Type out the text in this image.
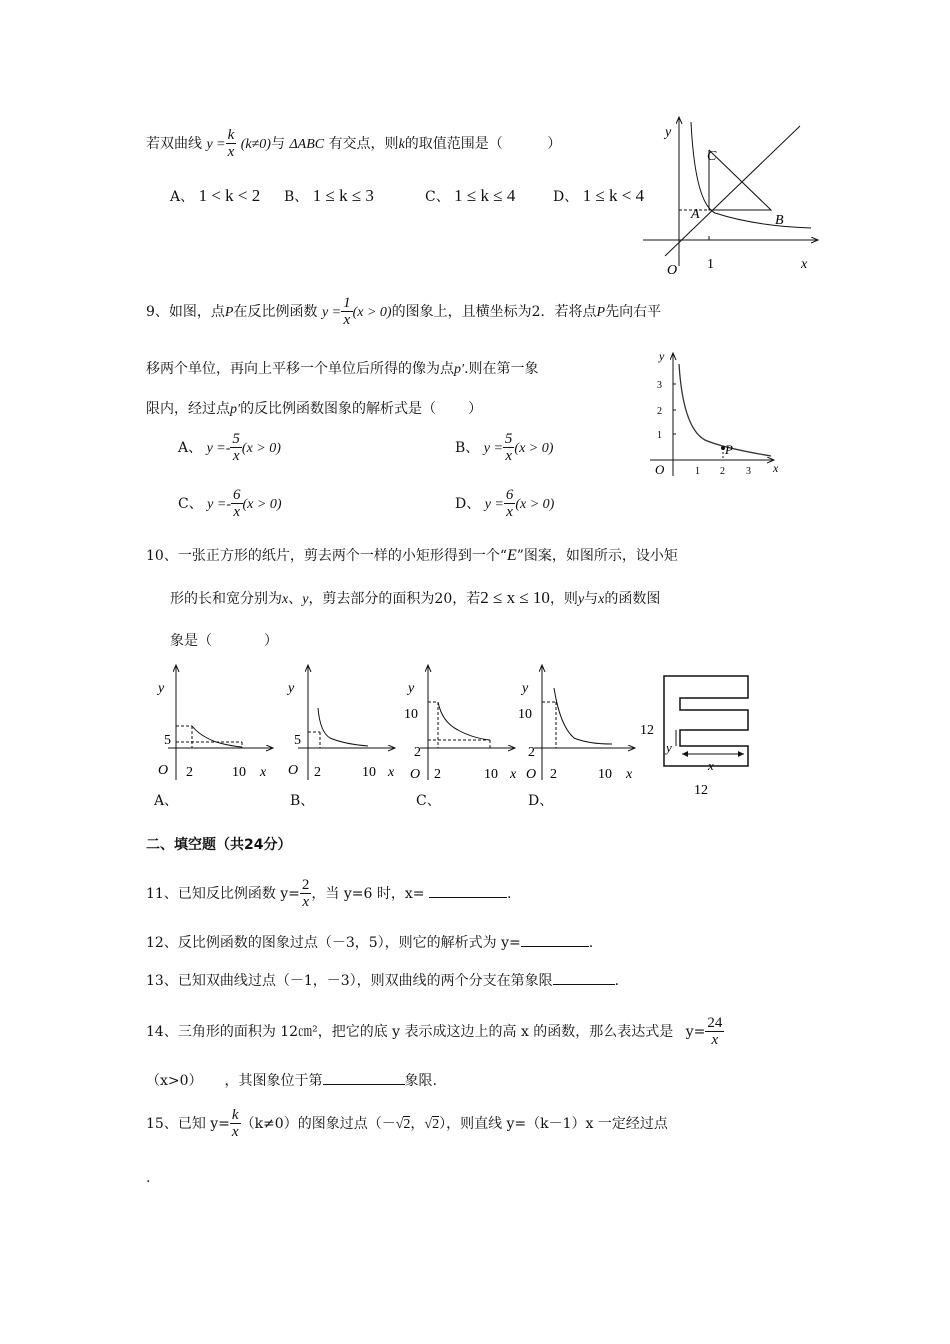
若双曲线 $y = \frac{k}{x} (k\ne 0)$与 ΔABC 有交点，则k的取值范围是（	）
A、 1 < k < 2 B、 1 ≤ k ≤ 3	C、 1 ≤ k ≤ 4	D、 1 ≤ k < 4
y
x
O 1
A	B
C
9、如图，点P在反比例函数 $y = \frac{1}{x} (x > 0)$的图象上，且横坐标为2．若将点P先向右平
移两个单位，再向上平移一个单位后所得的像为点p′.则在第一象
限内，经过点p′的反比例函数图象的解析式是（ ）
A、 $y =- \frac{5}{x} (x > 0)$	B、 $y = \frac{5}{x} (x > 0)$
C、 $y =- \frac{6}{x} (x > 0)$	D、 $y = \frac{6}{x} (x > 0)$
3
2
1
1 2 3
y
x
O
P
10、一张正方形的纸片，剪去两个一样的小矩形得到一个“E”图案，如图所示，设小矩
形的长和宽分别为x、y，剪去部分的面积为20，若2 ≤ x ≤ 10，则y与x的函数图
象是（	）
y
5
O 2	10 x
A、
y
5
O 2	10 x
B、
y
10
2
O 2	10 x
C、
y
10
2
O 2	10 x
D、
12
y
x
12
二、填空题（共24分）
11、已知反比例函数 $y= \frac{2}{x}$ ，当 y=6 时，x=	.
12、反比例函数的图象过点（－3，5），则它的解析式为 y=	.
13、已知双曲线过点（－1，－3），则双曲线的两个分支在第象限	.
14、三角形的面积为 12㎝²，把它的底 y 表示成这边上的高 x 的函数，那么表达式是 $y= \frac{24}{x}$
（x>0） ，其图象位于第	象限.
15、已知 $y= \frac{k}{x} (k\ne 0)$的图象过点（－√2，√2），则直线 y=（k－1）x 一定经过点
.
